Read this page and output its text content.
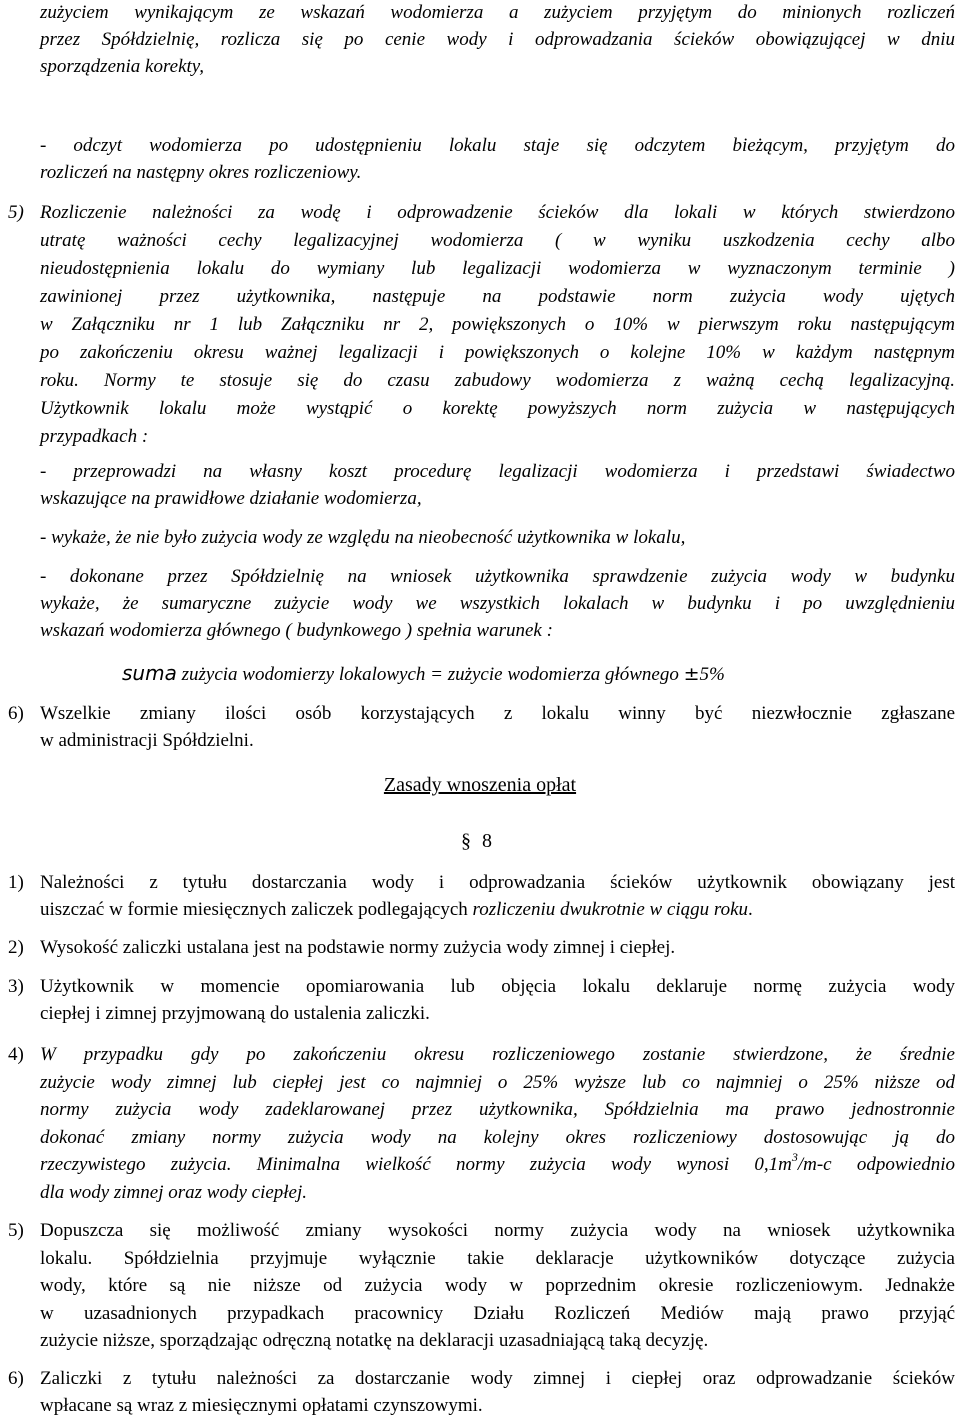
zużyciem wynikającym ze wskazań wodomierza a zużyciem przyjętym do minionych rozliczeń
przez Spółdzielnię, rozlicza się po cenie wody i odprowadzania ścieków obowiązującej w dniu
sporządzenia korekty,
- odczyt wodomierza po udostępnieniu lokalu staje się odczytem bieżącym, przyjętym do
rozliczeń na następny okres rozliczeniowy.
5) Rozliczenie należności za wodę i odprowadzenie ścieków dla lokali w których stwierdzono
utratę ważności cechy legalizacyjnej wodomierza ( w wyniku uszkodzenia cechy albo
nieudostępnienia lokalu do wymiany lub legalizacji wodomierza w wyznaczonym terminie )
zawinionej przez użytkownika, następuje na podstawie norm zużycia wody ujętych
w Załączniku nr 1 lub Załączniku nr 2, powiększonych o 10% w pierwszym roku następującym
po zakończeniu okresu ważnej legalizacji i powiększonych o kolejne 10% w każdym następnym
roku. Normy te stosuje się do czasu zabudowy wodomierza z ważną cechą legalizacyjną.
Użytkownik lokalu może wystąpić o korektę powyższych norm zużycia w następujących
przypadkach :
- przeprowadzi na własny koszt procedurę legalizacji wodomierza i przedstawi świadectwo
wskazujące na prawidłowe działanie wodomierza,
- wykaże, że nie było zużycia wody ze względu na nieobecność użytkownika w lokalu,
- dokonane przez Spółdzielnię na wniosek użytkownika sprawdzenie zużycia wody w budynku
wykaże, że sumaryczne zużycie wody we wszystkich lokalach w budynku i po uwzględnieniu
wskazań wodomierza głównego ( budynkowego ) spełnia warunek :
suma zużycia wodomierzy lokalowych = zużycie wodomierza głównego ±5%
6) Wszelkie zmiany ilości osób korzystających z lokalu winny być niezwłocznie zgłaszane
w administracji Spółdzielni.
Zasady wnoszenia opłat
§ 8
1) Należności z tytułu dostarczania wody i odprowadzania ścieków użytkownik obowiązany jest
uiszczać w formie miesięcznych zaliczek podlegających rozliczeniu dwukrotnie w ciągu roku.
2) Wysokość zaliczki ustalana jest na podstawie normy zużycia wody zimnej i ciepłej.
3) Użytkownik w momencie opomiarowania lub objęcia lokalu deklaruje normę zużycia wody
ciepłej i zimnej przyjmowaną do ustalenia zaliczki.
4) W przypadku gdy po zakończeniu okresu rozliczeniowego zostanie stwierdzone, że średnie
zużycie wody zimnej lub ciepłej jest co najmniej o 25% wyższe lub co najmniej o 25% niższe od
normy zużycia wody zadeklarowanej przez użytkownika, Spółdzielnia ma prawo jednostronnie
dokonać zmiany normy zużycia wody na kolejny okres rozliczeniowy dostosowując ją do
rzeczywistego zużycia. Minimalna wielkość normy zużycia wody wynosi $0,1m^3/m-c$ odpowiednio
dla wody zimnej oraz wody ciepłej.
5) Dopuszcza się możliwość zmiany wysokości normy zużycia wody na wniosek użytkownika
lokalu. Spółdzielnia przyjmuje wyłącznie takie deklaracje użytkowników dotyczące zużycia
wody, które są nie niższe od zużycia wody w poprzednim okresie rozliczeniowym. Jednakże
w uzasadnionych przypadkach pracownicy Działu Rozliczeń Mediów mają prawo przyjąć
zużycie niższe, sporządzając odręczną notatkę na deklaracji uzasadniającą taką decyzję.
6) Zaliczki z tytułu należności za dostarczanie wody zimnej i ciepłej oraz odprowadzanie ścieków
wpłacane są wraz z miesięcznymi opłatami czynszowymi.
